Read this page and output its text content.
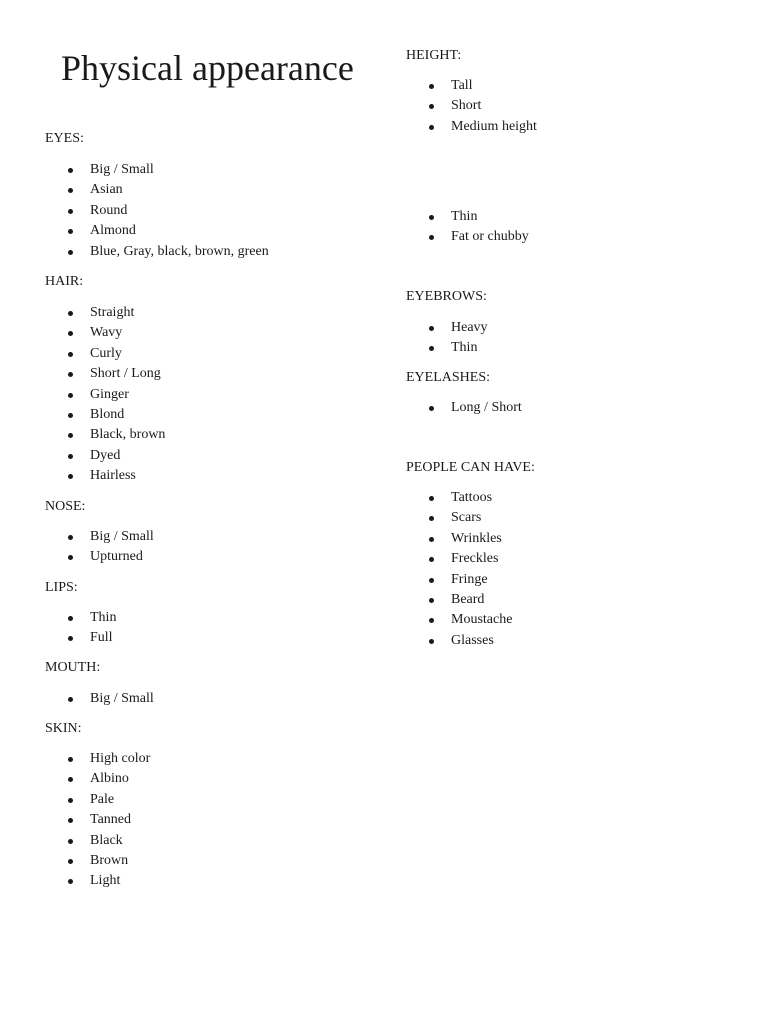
Physical appearance
EYES:
Big / Small
Asian
Round
Almond
Blue, Gray, black, brown, green
HAIR:
Straight
Wavy
Curly
Short / Long
Ginger
Blond
Black, brown
Dyed
Hairless
NOSE:
Big / Small
Upturned
LIPS:
Thin
Full
MOUTH:
Big / Small
SKIN:
High color
Albino
Pale
Tanned
Black
Brown
Light
HEIGHT:
Tall
Short
Medium height
Thin
Fat or chubby
EYEBROWS:
Heavy
Thin
EYELASHES:
Long / Short
PEOPLE CAN HAVE:
Tattoos
Scars
Wrinkles
Freckles
Fringe
Beard
Moustache
Glasses
